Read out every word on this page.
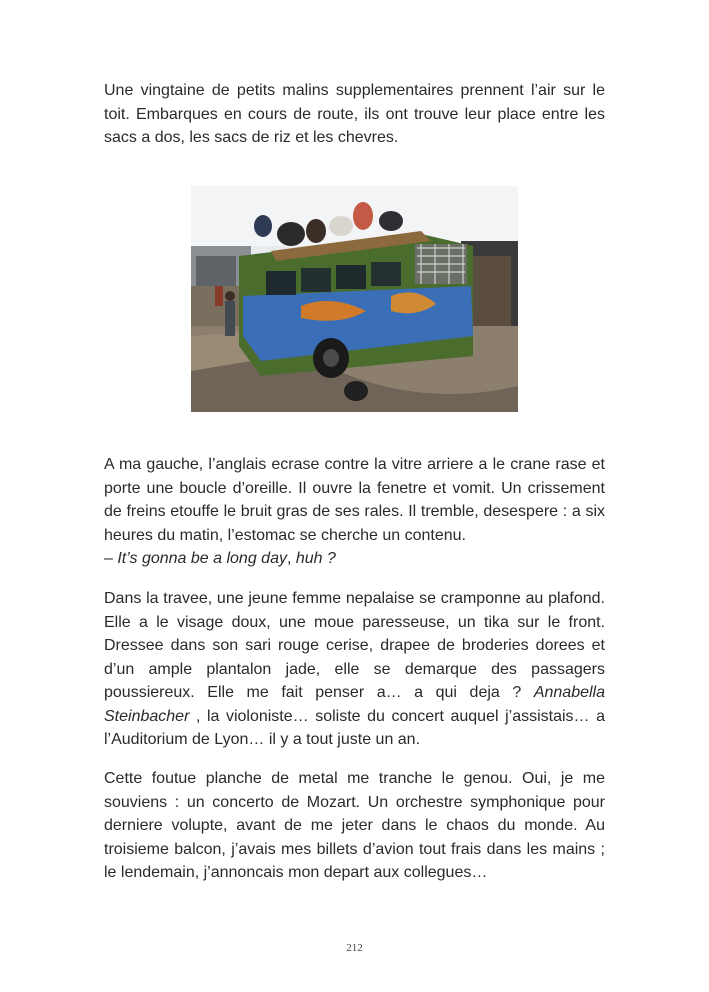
Une vingtaine de petits malins supplementaires prennent l’air sur le toit. Embarques en cours de route, ils ont trouve leur place entre les sacs a dos, les sacs de riz et les chevres.

A ma gauche, l’anglais ecrase contre la vitre arriere a le crane rase et porte une boucle d’oreille. Il ouvre la fenetre et vomit. Un crissement de freins etouffe le bruit gras de ses rales. Il tremble, desespere : a six heures du matin, l’estomac se cherche un contenu.
– It’s gonna be a long day, huh ?

Dans la travee, une jeune femme nepalaise se cramponne au plafond. Elle a le visage doux, une moue paresseuse, un tika sur le front. Dressee dans son sari rouge cerise, drapee de broderies dorees et d’un ample plantalon jade, elle se demarque des passagers poussiereux. Elle me fait penser a… a qui deja ? Annabella Steinbacher , la violoniste… soliste du concert auquel j’assistais… a l’Auditorium de Lyon… il y a tout juste un an.

Cette foutue planche de metal me tranche le genou. Oui, je me souviens : un concerto de Mozart. Un orchestre symphonique pour derniere volupte, avant de me jeter dans le chaos du monde. Au troisieme balcon, j’avais mes billets d’avion tout frais dans les mains ; le lendemain, j’annoncais mon depart aux collegues…

212
